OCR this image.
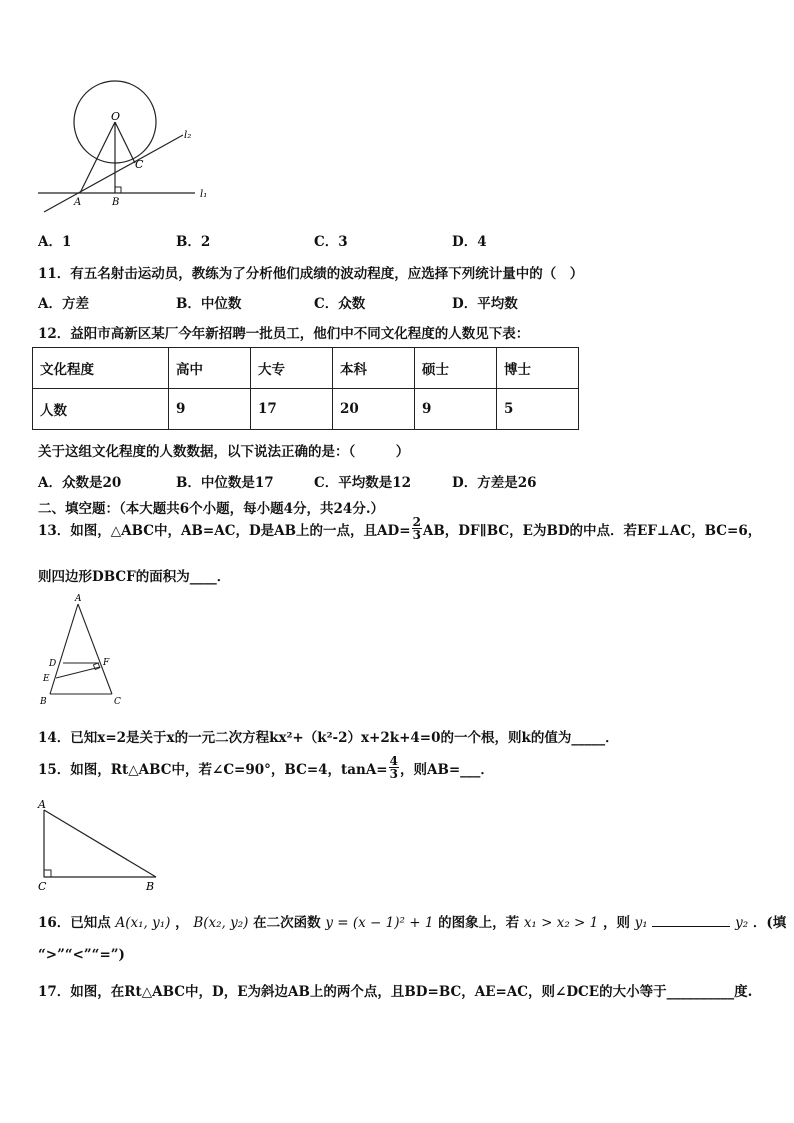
O
C
A	B
l₂
l₁
A．1	B．2	C．3	D．4
11．有五名射击运动员，教练为了分析他们成绩的波动程度，应选择下列统计量中的（　）
A．方差	B．中位数	C．众数	D．平均数
12．益阳市高新区某厂今年新招聘一批员工，他们中不同文化程度的人数见下表：
文化程度	高中	大专	本科	硕士	博士
人数	9	17	20	9	5
关于这组文化程度的人数数据，以下说法正确的是：（　　　）
A．众数是20	B．中位数是17	C．平均数是12	D．方差是26
二、填空题：（本大题共6个小题，每小题4分，共24分.）
13．如图，△ABC中，AB=AC，D是AB上的一点，且$AD= \frac{2}{3}$ AB，DF∥BC，E为BD的中点．若EF⊥AC，BC=6，
则四边形DBCF的面积为____．
A
D	F
E
B	C
14．已知x=2是关于x的一元二次方程kx²+（k²-2）x+2k+4=0的一个根，则k的值为_____．
15．如图，Rt△ABC中，若∠C=90°，BC=4，$\tan A= \frac{4}{3}$ ，则AB=___．
A
C	B
16．已知点 A(x₁, y₁) ， B(x₂, y₂) 在二次函数 y = (x − 1)² + 1 的图象上，若 x₁ > x₂ > 1 ，则 y₁	y₂ ．(填
“>”“<”“=”)
17．如图，在Rt△ABC中，D，E为斜边AB上的两个点，且BD=BC，AE=AC，则∠DCE的大小等于__________度.
